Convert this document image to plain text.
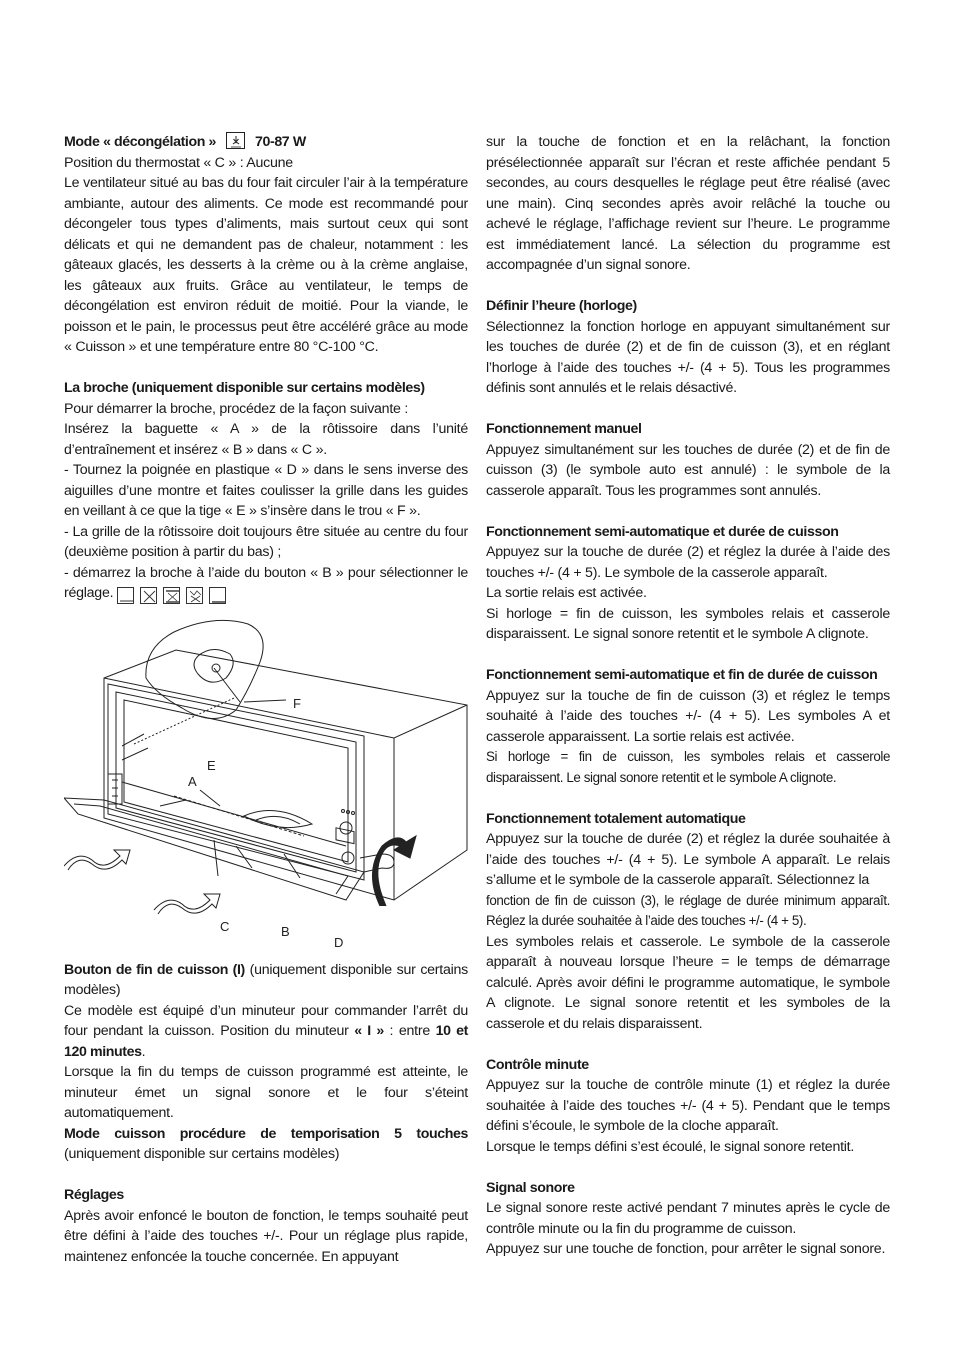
Mode « décongélation »	70-87 W

Position du thermostat « C » : Aucune

Le ventilateur situé au bas du four fait circuler l’air à la température ambiante, autour des aliments. Ce mode est recommandé pour décongeler tous types d’aliments, mais surtout ceux qui sont délicats et qui ne demandent pas de chaleur, notamment : les gâteaux glacés, les desserts à la crème ou à la crème anglaise, les gâteaux aux fruits. Grâce au ventilateur, le temps de décongélation est environ réduit de moitié. Pour la viande, le poisson et le pain, le processus peut être accéléré grâce au mode « Cuisson » et une température entre 80 °C-100 °C.

La broche (uniquement disponible sur certains modèles)

Pour démarrer la broche, procédez de la façon suivante :

Insérez la baguette « A » de la rôtissoire dans l’unité d’entraînement et insérez « B » dans « C ».

- Tournez la poignée en plastique « D » dans le sens inverse des aiguilles d’une montre et faites coulisser la grille dans les guides en veillant à ce que la tige « E » s’insère dans le trou « F ».

- La grille de la rôtissoire doit toujours être située au centre du four (deuxième position à partir du bas) ;

- démarrez la broche à l’aide du bouton « B » pour sélectionner le réglage.

F
E
A
C	B
D

Bouton de fin de cuisson (I) (uniquement disponible sur certains modèles)

Ce modèle est équipé d’un minuteur pour commander l’arrêt du four pendant la cuisson. Position du minuteur « I » : entre 10 et 120 minutes.

Lorsque la fin du temps de cuisson programmé est atteinte, le minuteur émet un signal sonore et le four s’éteint automatiquement.

Mode cuisson procédure de temporisation 5 touches (uniquement disponible sur certains modèles)

Réglages

Après avoir enfoncé le bouton de fonction, le temps souhaité peut être défini à l’aide des touches +/-. Pour un réglage plus rapide, maintenez enfoncée la touche concernée. En appuyant

sur la touche de fonction et en la relâchant, la fonction présélectionnée apparaît sur l’écran et reste affichée pendant 5 secondes, au cours desquelles le réglage peut être réalisé (avec une main). Cinq secondes après avoir relâché la touche ou achevé le réglage, l’affichage revient sur l’heure. Le programme est immédiatement lancé. La sélection du programme est accompagnée d’un signal sonore.

Définir l’heure (horloge)

Sélectionnez la fonction horloge en appuyant simultanément sur les touches de durée (2) et de fin de cuisson (3), et en réglant l’horloge à l’aide des touches +/- (4 + 5). Tous les programmes définis sont annulés et le relais désactivé.

Fonctionnement manuel

Appuyez simultanément sur les touches de durée (2) et de fin de cuisson (3) (le symbole auto est annulé) : le symbole de la casserole apparaît. Tous les programmes sont annulés.

Fonctionnement semi-automatique et durée de cuisson

Appuyez sur la touche de durée (2) et réglez la durée à l’aide des touches +/- (4 + 5). Le symbole de la casserole apparaît.

La sortie relais est activée.

Si horloge = fin de cuisson, les symboles relais et casserole disparaissent. Le signal sonore retentit et le symbole A clignote.

Fonctionnement semi-automatique et fin de durée de cuisson

Appuyez sur la touche de fin de cuisson (3) et réglez le temps souhaité à l’aide des touches +/- (4 + 5). Les symboles A et casserole apparaissent. La sortie relais est activée.

Si horloge = fin de cuisson, les symboles relais et casserole disparaissent. Le signal sonore retentit et le symbole A clignote.

Fonctionnement totalement automatique

Appuyez sur la touche de durée (2) et réglez la durée souhaitée à l’aide des touches +/- (4 + 5). Le symbole A apparaît. Le relais s’allume et le symbole de la casserole apparaît. Sélectionnez la

fonction de fin de cuisson (3), le réglage de durée minimum apparaît. Réglez la durée souhaitée à l’aide des touches +/- (4 + 5).

Les symboles relais et casserole. Le symbole de la casserole apparaît à nouveau lorsque l’heure = le temps de démarrage calculé. Après avoir défini le programme automatique, le symbole A clignote. Le signal sonore retentit et les symboles de la casserole et du relais disparaissent.

Contrôle minute

Appuyez sur la touche de contrôle minute (1) et réglez la durée souhaitée à l’aide des touches +/- (4 + 5). Pendant que le temps défini s’écoule, le symbole de la cloche apparaît.

Lorsque le temps défini s’est écoulé, le signal sonore retentit.

Signal sonore

Le signal sonore reste activé pendant 7 minutes après le cycle de contrôle minute ou la fin du programme de cuisson.

Appuyez sur une touche de fonction, pour arrêter le signal sonore.
